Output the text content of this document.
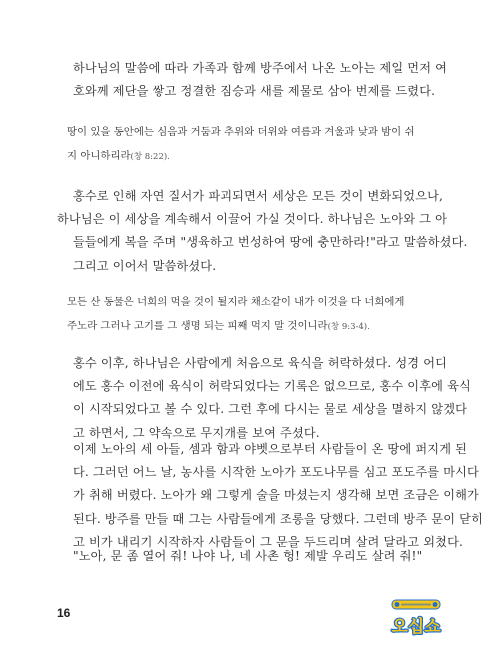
하나님의 말씀에 따라 가족과 함께 방주에서 나온 노아는 제일 먼저 여
호와께 제단을 쌓고 정결한 짐승과 새를 제물로 삼아 번제를 드렸다.

땅이 있을 동안에는 심음과 거둠과 추위와 더위와 여름과 겨울과 낮과 밤이 쉬
지 아니하리라(창 8:22).

홍수로 인해 자연 질서가 파괴되면서 세상은 모든 것이 변화되었으나,
하나님은 이 세상을 계속해서 이끌어 가실 것이다. 하나님은 노아와 그 아
들들에게 복을 주며 "생육하고 번성하여 땅에 충만하라!"라고 말씀하셨다.
그리고 이어서 말씀하셨다.

모든 산 동물은 너희의 먹을 것이 될지라 채소같이 내가 이것을 다 너희에게
주노라 그러나 고기를 그 생명 되는 피째 먹지 말 것이니라(창 9:3-4).

홍수 이후, 하나님은 사람에게 처음으로 육식을 허락하셨다. 성경 어디
에도 홍수 이전에 육식이 허락되었다는 기록은 없으므로, 홍수 이후에 육식
이 시작되었다고 볼 수 있다. 그런 후에 다시는 물로 세상을 멸하지 않겠다
고 하면서, 그 약속으로 무지개를 보여 주셨다.

이제 노아의 세 아들, 셈과 함과 야벳으로부터 사람들이 온 땅에 퍼지게 된
다. 그러던 어느 날, 농사를 시작한 노아가 포도나무를 심고 포도주를 마시다
가 취해 버렸다. 노아가 왜 그렇게 술을 마셨는지 생각해 보면 조금은 이해가
된다. 방주를 만들 때 그는 사람들에게 조롱을 당했다. 그런데 방주 문이 닫히
고 비가 내리기 시작하자 사람들이 그 문을 두드리며 살려 달라고 외쳤다.

"노아, 문 좀 열어 줘! 나야 나, 네 사촌 헝! 제발 우리도 살려 줘!"

16
오십쇼
